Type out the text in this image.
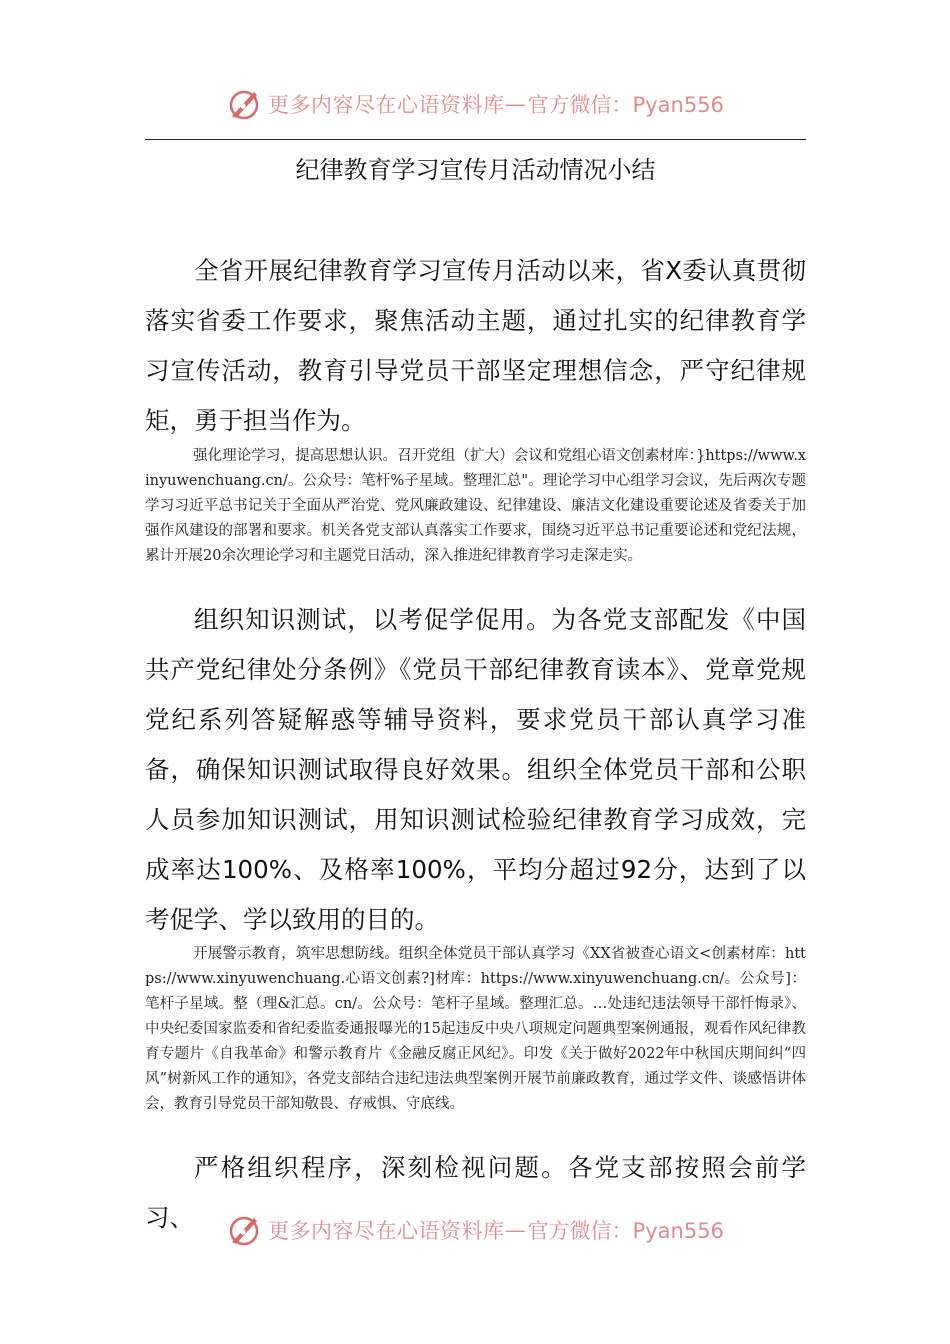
更多内容尽在心语资料库 — 官方微信：Pyan556
纪律教育学习宣传月活动情况小结

全省开展纪律教育学习宣传月活动以来，省X委认真贯彻落实省委工作要求，聚焦活动主题，通过扎实的纪律教育学习宣传活动，教育引导党员干部坚定理想信念，严守纪律规矩，勇于担当作为。

强化理论学习，提高思想认识。召开党组（扩大）会议和党组心语文创素材库：}https://www.xinyuwenchuang.cn/。公众号：笔杆%子星域。整理汇总"。理论学习中心组学习会议，先后两次专题学习习近平总书记关于全面从严治党、党风廉政建设、纪律建设、廉洁文化建设重要论述及省委关于加强作风建设的部署和要求。机关各党支部认真落实工作要求，围绕习近平总书记重要论述和党纪法规，累计开展20余次理论学习和主题党日活动，深入推进纪律教育学习走深走实。

组织知识测试，以考促学促用。为各党支部配发《中国共产党纪律处分条例》《党员干部纪律教育读本》、党章党规党纪系列答疑解惑等辅导资料，要求党员干部认真学习准备，确保知识测试取得良好效果。组织全体党员干部和公职人员参加知识测试，用知识测试检验纪律教育学习成效，完成率达100%、及格率100%，平均分超过92分，达到了以考促学、学以致用的目的。

开展警示教育，筑牢思想防线。组织全体党员干部认真学习《XX省被查心语文<创素材库：https://www.xinyuwenchuang.心语文创素?]材库：https://www.xinyuwenchuang.cn/。公众号]：笔杆子星域。整（理&汇总。cn/。公众号：笔杆子星域。整理汇总。…处违纪违法领导干部忏悔录》、中央纪委国家监委和省纪委监委通报曝光的15起违反中央八项规定问题典型案例通报，观看作风纪律教育专题片《自我革命》和警示教育片《金融反腐正风纪》。印发《关于做好2022年中秋国庆期间纠“四风”树新风工作的通知》，各党支部结合违纪违法典型案例开展节前廉政教育，通过学文件、谈感悟讲体会，教育引导党员干部知敬畏、存戒惧、守底线。

严格组织程序，深刻检视问题。各党支部按照会前学习、	更多内容尽在心语资料库 — 官方微信：Pyan556
